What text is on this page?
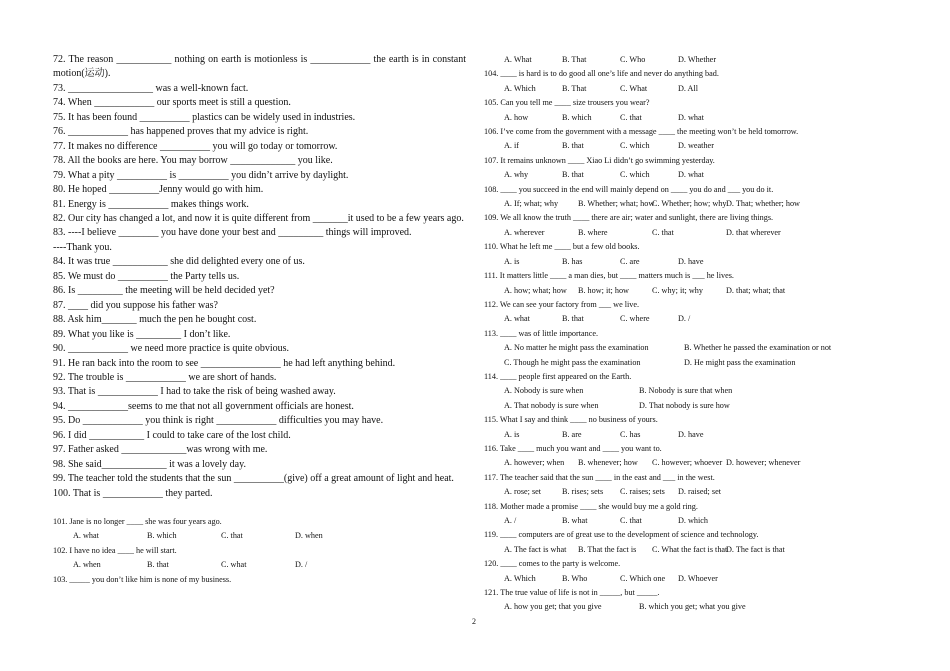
72. The reason ___________ nothing on earth is motionless is ____________ the earth is in constant motion(运动).
73. _________________ was a well-known fact.
74. When ____________ our sports meet is still a question.
75. It has been found __________ plastics can be widely used in industries.
76. ____________ has happened proves that my advice is right.
77. It makes no difference __________ you will go today or tomorrow.
78. All the books are here. You may borrow _____________ you like.
79. What a pity __________ is __________ you didn’t arrive by daylight.
80. He hoped __________Jenny would go with him.
81. Energy is ____________ makes things work.
82. Our city has changed a lot, and now it is quite different from _______it used to be a few years ago.
83. ----I believe ________ you have done your best and _________ things will improved.
----Thank you.
84. It was true ___________ she did delighted every one of us.
85. We must do __________ the Party tells us.
86. Is _________ the meeting will be held decided yet?
87. ____ did you suppose his father was?
88. Ask him_______ much the pen he bought cost.
89. What you like is _________ I don’t like.
90. ____________ we need more practice is quite obvious.
91. He ran back into the room to see ________________ he had left anything behind.
92. The trouble is ____________ we are short of hands.
93. That is ____________ I had to take the risk of being washed away.
94. ____________seems to me that not all government officials are honest.
95. Do ____________ you think is right ____________ difficulties you may have.
96. I did ___________ I could to take care of the lost child.
97. Father asked _____________was wrong with me.
98. She said_____________ it was a lovely day.
99. The teacher told the students that the sun __________(give) off a great amount of light and heat.
100. That is ____________ they parted.
101. Jane is no longer ____ she was four years ago.
A. what	B. which	C. that	D. when
102. I have no idea ____ he will start.
A. when	B. that	C. what	D. /
103. _____ you don’t like him is none of my business.
A. What	B. That	C. Who	D. Whether
104. ____ is hard is to do good all one’s life and never do anything bad.
A. Which	B. That	C. What	D. All
105. Can you tell me ____ size trousers you wear?
A. how	B. which	C. that	D. what
106. I’ve come from the government with a message ____ the meeting won’t be held tomorrow.
A. if	B. that	C. which	D. weather
107. It remains unknown ____ Xiao Li didn’t go swimming yesterday.
A. why	B. that	C. which	D. what
108. ____ you succeed in the end will mainly depend on ____ you do and ___ you do it.
A. If; what; why	B. Whether; what; how
C. Whether; how; why D. That; whether; how
109. We all know the truth ____ there are air; water and sunlight, there are living things.
A. wherever	B. where	C. that	D. that wherever
110. What he left me ____ but a few old books.
A. is	B. has	C. are	D. have
111. It matters little ____ a man dies, but ____ matters much is ___ he lives.
A. how; what; how	B. how; it; how	C. why; it; why	D. that; what; that
112. We can see your factory from ___ we live.
A. what	B. that	C. where	D. /
113. ____ was of little importance.
A. No matter he might pass the examination	B. Whether he passed the examination or not
C. Though he might pass the examination	D. He might pass the examination
114. ____ people first appeared on the Earth.
A. Nobody is sure when	B. Nobody is sure that when
A. That nobody is sure when	D. That nobody is sure how
115. What I say and think ____ no business of yours.
A. is	B. are	C. has	D. have
116. Take ____ much you want and ____ you want to.
A. however; when	B. whenever; how	C. however; whoever D. however; whenever
117. The teacher said that the sun ____ in the east and ___ in the west.
A. rose; set	B. rises; sets	C. raises; sets	D. raised; set
118. Mother made a promise ____ she would buy me a gold ring.
A. /	B. what	C. that	D. which
119. ____ computers are of great use to the development of science and technology.
A. The fact is what	B. That the fact is	C. What the fact is that
D. The fact is that
120. ____ comes to the party is welcome.
A. Which	B. Who	C. Which one	D. Whoever
121. The true value of life is not in _____, but _____.
A. how you get; that you give	B. which you get; what you give
2
